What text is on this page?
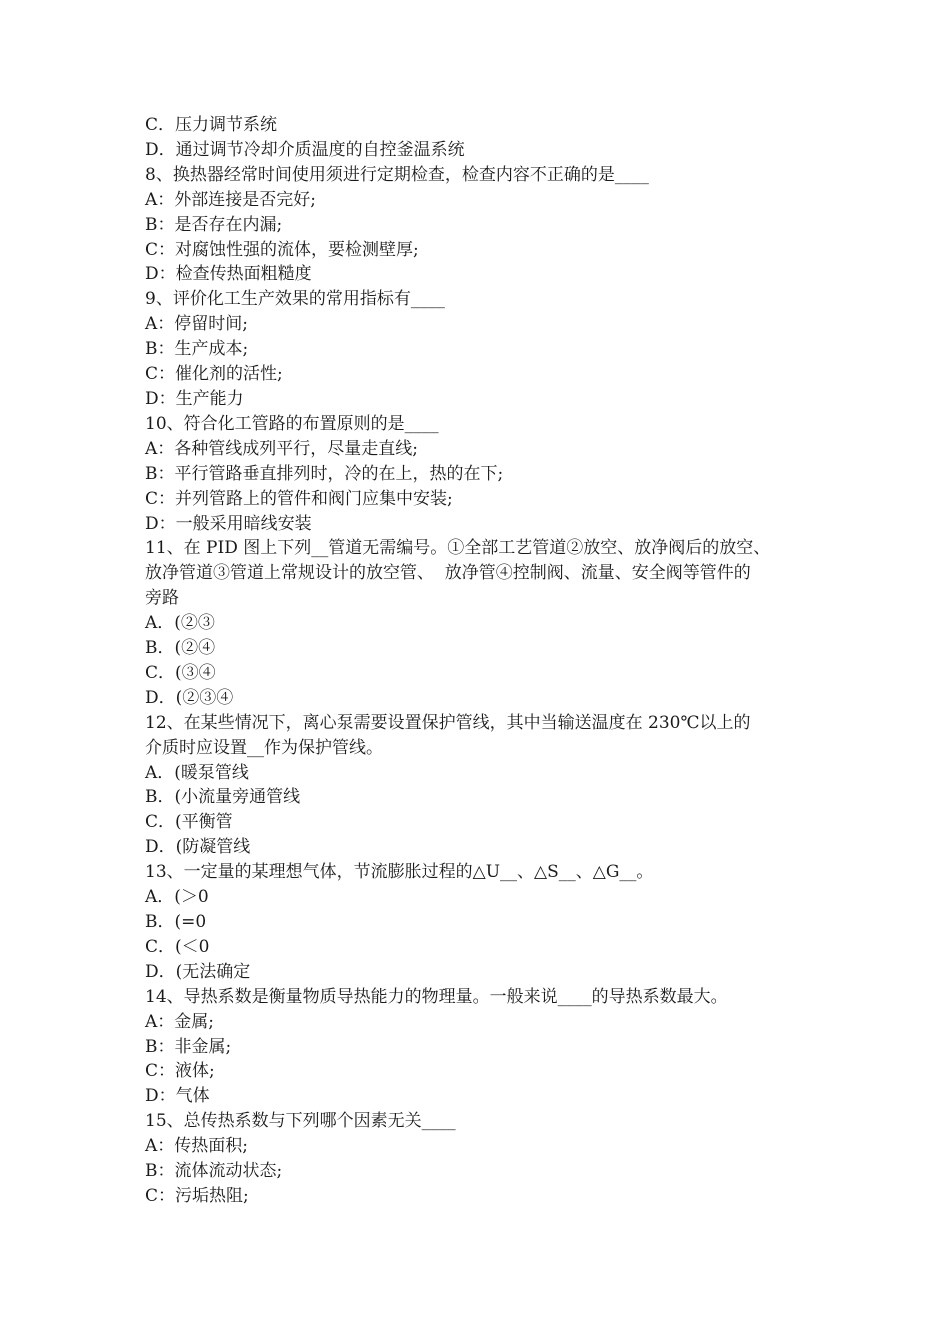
C．压力调节系统
D．通过调节冷却介质温度的自控釜温系统
8、换热器经常时间使用须进行定期检查，检查内容不正确的是____
A：外部连接是否完好;
B：是否存在内漏;
C：对腐蚀性强的流体，要检测壁厚;
D：检查传热面粗糙度
9、评价化工生产效果的常用指标有____
A：停留时间;
B：生产成本;
C：催化剂的活性;
D：生产能力
10、符合化工管路的布置原则的是____
A：各种管线成列平行，尽量走直线;
B：平行管路垂直排列时，冷的在上，热的在下;
C：并列管路上的管件和阀门应集中安装;
D：一般采用暗线安装
11、在 PID 图上下列__管道无需编号。①全部工艺管道②放空、放净阀后的放空、
放净管道③管道上常规设计的放空管、  放净管④控制阀、流量、安全阀等管件的
旁路
A．(②③
B．(②④
C．(③④
D．(②③④
12、在某些情况下，离心泵需要设置保护管线，其中当输送温度在 230℃以上的
介质时应设置__作为保护管线。
A．(暖泵管线
B．(小流量旁通管线
C．(平衡管
D．(防凝管线
13、一定量的某理想气体，节流膨胀过程的△U__、△S__、△G__。
A．(＞0
B．(=0
C．(＜0
D．(无法确定
14、导热系数是衡量物质导热能力的物理量。一般来说____的导热系数最大。
A：金属;
B：非金属;
C：液体;
D：气体
15、总传热系数与下列哪个因素无关____
A：传热面积;
B：流体流动状态;
C：污垢热阻;
